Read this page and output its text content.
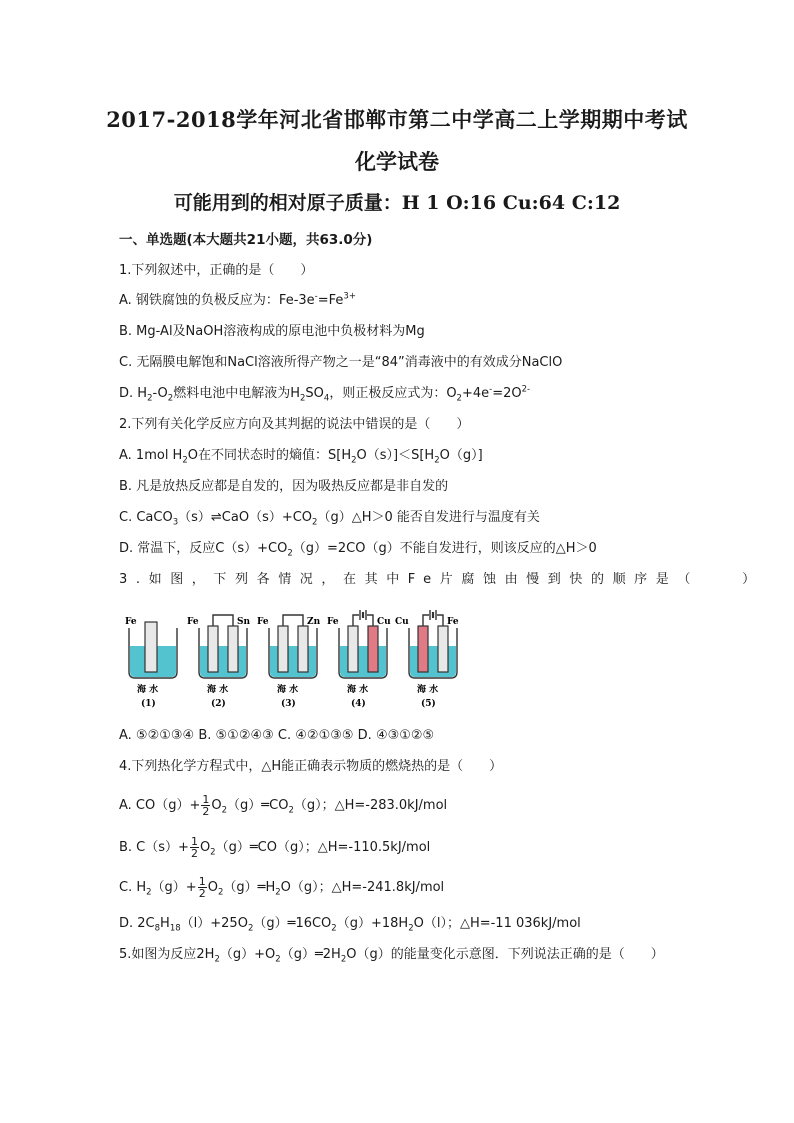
2017-2018学年河北省邯郸市第二中学高二上学期期中考试
化学试卷
可能用到的相对原子质量：H 1 O:16 Cu:64 C:12
一、单选题(本大题共21小题，共63.0分)
1.下列叙述中，正确的是（　　）
A. 钢铁腐蚀的负极反应为：$Fe-3e^-=Fe^{3+}$
B. Mg-Al及NaOH溶液构成的原电池中负极材料为Mg
C. 无隔膜电解饱和NaCl溶液所得产物之一是“84”消毒液中的有效成分NaClO
D. $H_2-O_2$燃料电池中电解液为$H_2SO_4$，则正极反应式为：$O_2+4e^-=2O^{2-}$
2.下列有关化学反应方向及其判据的说法中错误的是（　　）
A. 1mol $H_2O$在不同状态时的熵值：$S[H_2O(s)]<S[H_2O(g)]$
B. 凡是放热反应都是自发的，因为吸热反应都是非自发的
C. $CaCO_3(s)\rightleftharpoons CaO(s)+CO_2(g)\triangle H>0$ 能否自发进行与温度有关
D. 常温下，反应$C(s)+CO_2(g)=2CO(g)$不能自发进行，则该反应的△H＞0
3.如图，下列各情况，在其中Fe片腐蚀由慢到快的顺序是（　　）
Fe
海 水
(1)
Fe	Sn
海 水
(2)
Fe	Zn
海 水
(3)
Fe	Cu
海 水
(4)
Cu	Fe
海 水
(5)
A. ⑤②①③④ B. ⑤①②④③ C. ④②①③⑤ D. ④③①②⑤
4.下列热化学方程式中，△H能正确表示物质的燃烧热的是（　　）
A. $CO(g)+ \frac{1}{2}$ $O_2(g)═CO_2(g)$；△H=-283.0kJ/mol
B. $C(s)+ \frac{1}{2}$ $O_2(g)═CO(g)$；△H=-110.5kJ/mol
C. $H_2(g)+ \frac{1}{2}$ $O_2(g)═H_2O(g)$；△H=-241.8kJ/mol
D. $2C_8H_{18}(l)+25O_2(g)═16CO_2(g)+18H_2O(l)$；△H=-11 036kJ/mol
5.如图为反应$2H_2(g)+O_2(g)═2H_2O(g)$的能量变化示意图．下列说法正确的是（　　）
